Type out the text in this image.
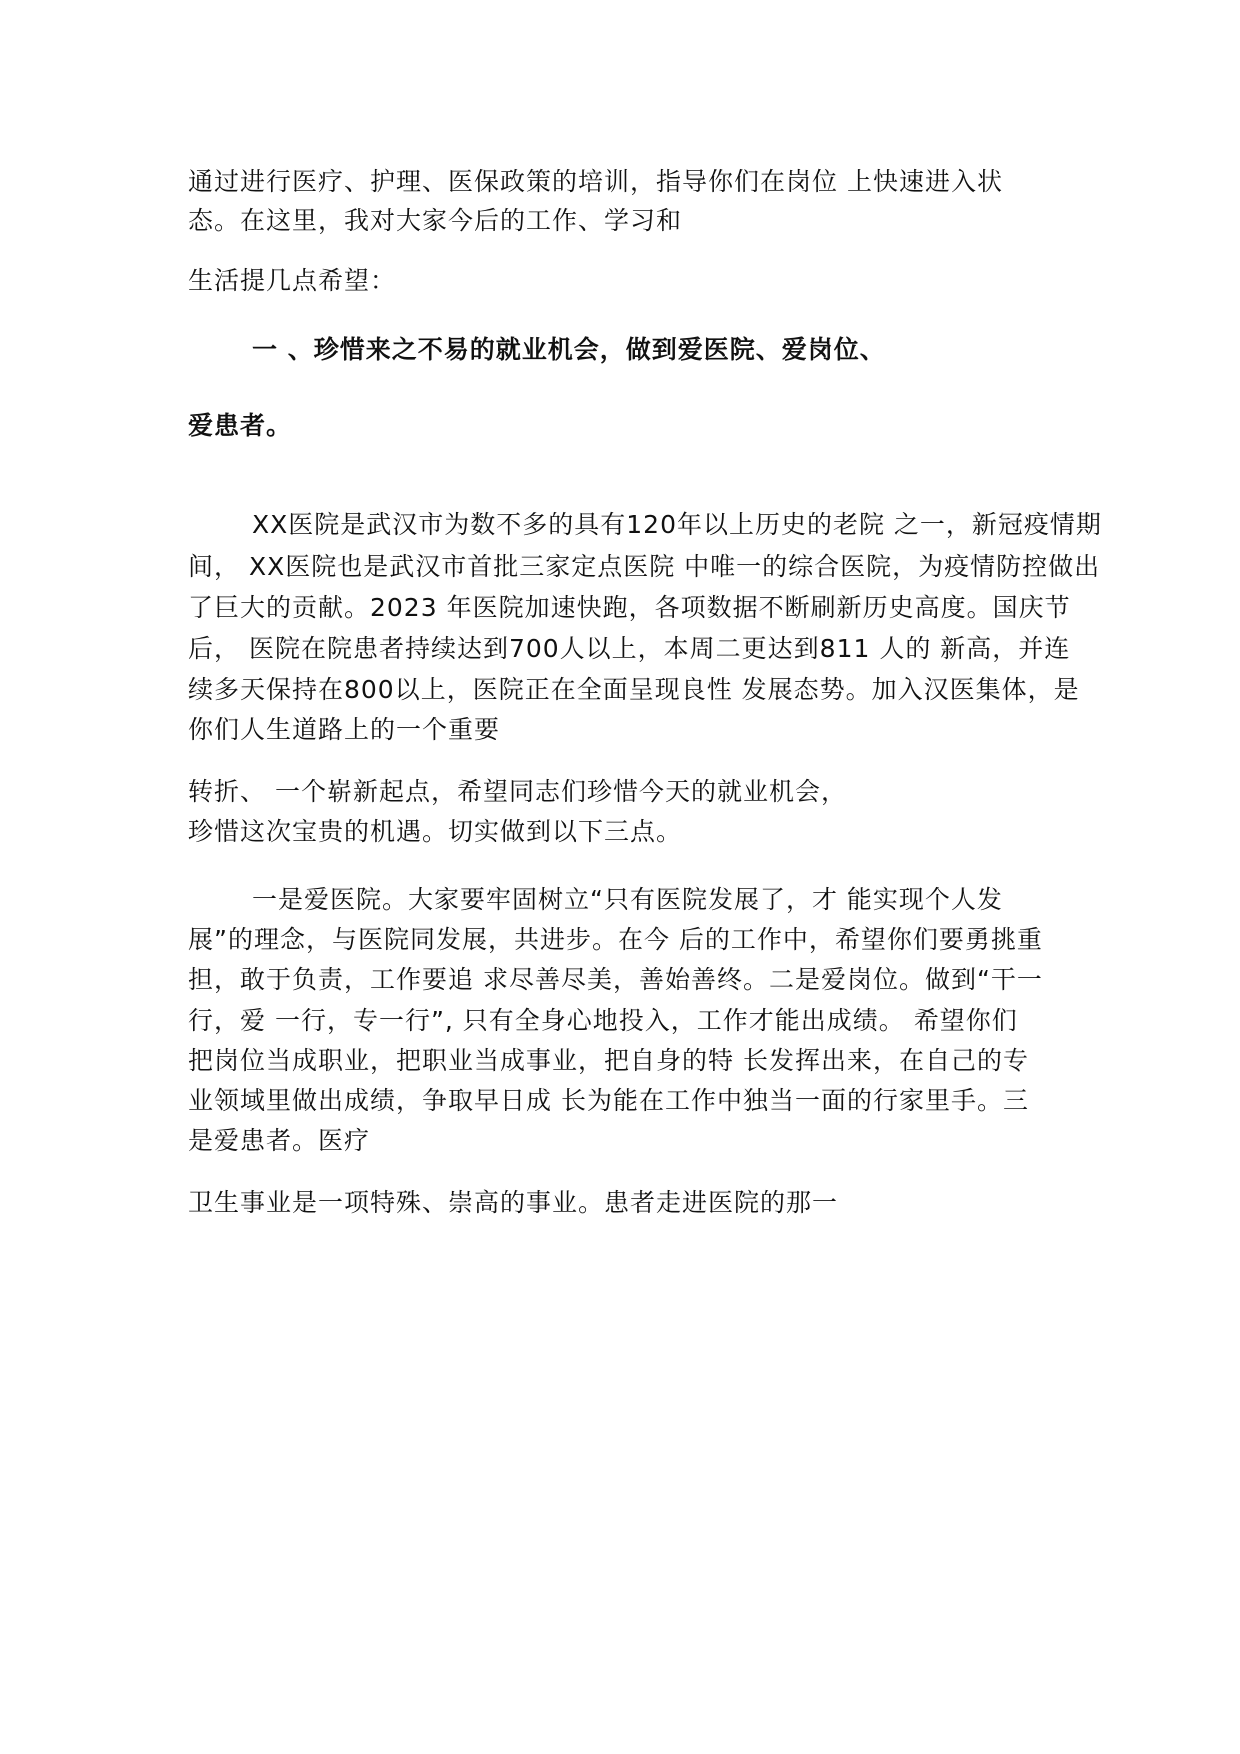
通过进行医疗、护理、医保政策的培训，指导你们在岗位 上快速进入状
态。在这里，我对大家今后的工作、学习和
生活提几点希望：
一 、珍惜来之不易的就业机会，做到爱医院、爱岗位、
爱患者。
XX医院是武汉市为数不多的具有120年以上历史的老院 之一，新冠疫情期
间， XX医院也是武汉市首批三家定点医院 中唯一的综合医院，为疫情防控做出
了巨大的贡献。2023 年医院加速快跑，各项数据不断刷新历史高度。国庆节
后， 医院在院患者持续达到700人以上，本周二更达到811 人的 新高，并连
续多天保持在800以上，医院正在全面呈现良性 发展态势。加入汉医集体，是
你们人生道路上的一个重要
转折、 一个崭新起点，希望同志们珍惜今天的就业机会，
珍惜这次宝贵的机遇。切实做到以下三点。
一是爱医院。大家要牢固树立“只有医院发展了，才 能实现个人发
展”的理念，与医院同发展，共进步。在今 后的工作中，希望你们要勇挑重
担，敢于负责，工作要追 求尽善尽美，善始善终。二是爱岗位。做到“干一
行，爱 一行，专一行”, 只有全身心地投入，工作才能出成绩。 希望你们
把岗位当成职业，把职业当成事业，把自身的特 长发挥出来，在自己的专
业领域里做出成绩，争取早日成 长为能在工作中独当一面的行家里手。三
是爱患者。医疗
卫生事业是一项特殊、崇高的事业。患者走进医院的那一
